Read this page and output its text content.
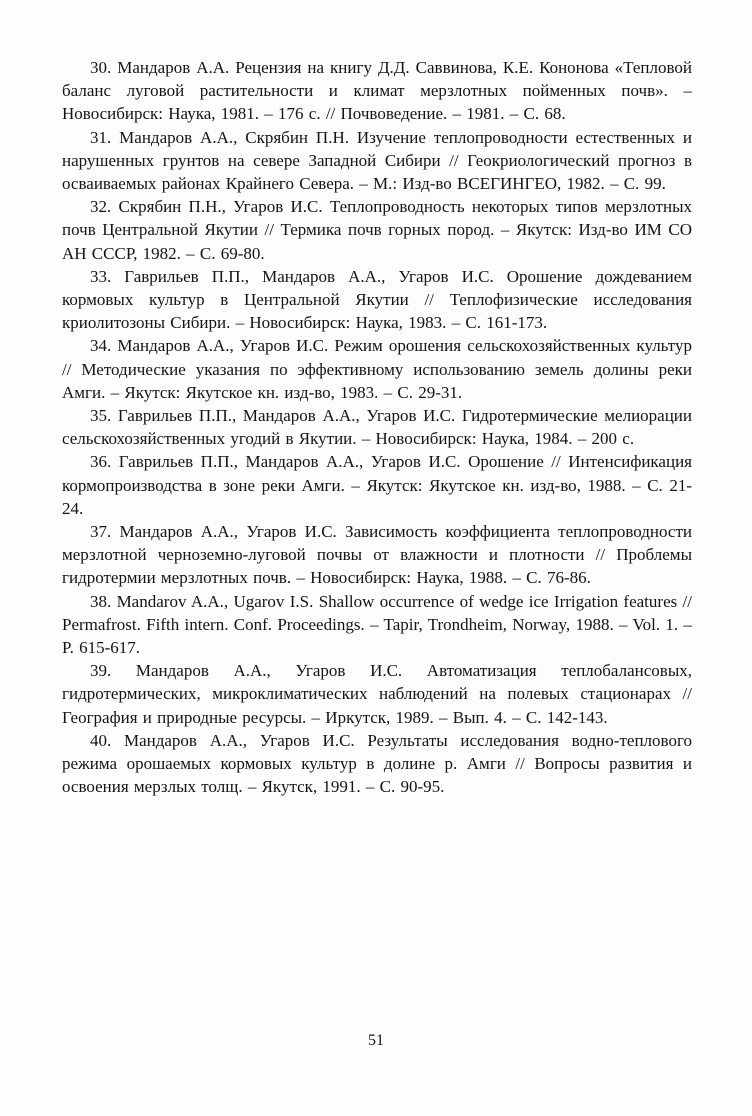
30. Мандаров А.А. Рецензия на книгу Д.Д. Саввинова, К.Е. Кононова «Тепловой баланс луговой растительности и климат мерзлотных пойменных почв». – Новосибирск: Наука, 1981. – 176 с. // Почвоведение. – 1981. – С. 68.

31. Мандаров А.А., Скрябин П.Н. Изучение теплопроводности естественных и нарушенных грунтов на севере Западной Сибири // Геокриологический прогноз в осваиваемых районах Крайнего Севера. – М.: Изд-во ВСЕГИНГЕО, 1982. – С. 99.

32. Скрябин П.Н., Угаров И.С. Теплопроводность некоторых типов мерзлотных почв Центральной Якутии // Термика почв горных пород. – Якутск: Изд-во ИМ СО АН СССР, 1982. – С. 69-80.

33. Гаврильев П.П., Мандаров А.А., Угаров И.С. Орошение дождеванием кормовых культур в Центральной Якутии // Теплофизические исследования криолитозоны Сибири. – Новосибирск: Наука, 1983. – С. 161-173.

34. Мандаров А.А., Угаров И.С. Режим орошения сельскохозяйственных культур // Методические указания по эффективному использованию земель долины реки Амги. – Якутск: Якутское кн. изд-во, 1983. – С. 29-31.

35. Гаврильев П.П., Мандаров А.А., Угаров И.С. Гидротермические мелиорации сельскохозяйственных угодий в Якутии. – Новосибирск: Наука, 1984. – 200 с.

36. Гаврильев П.П., Мандаров А.А., Угаров И.С. Орошение // Интенсификация кормопроизводства в зоне реки Амги. – Якутск: Якутское кн. изд-во, 1988. – С. 21-24.

37. Мандаров А.А., Угаров И.С. Зависимость коэффициента теплопроводности мерзлотной черноземно-луговой почвы от влажности и плотности // Проблемы гидротермии мерзлотных почв. – Новосибирск: Наука, 1988. – С. 76-86.

38. Mandarov A.A., Ugarov I.S. Shallow occurrence of wedge ice Irrigation features // Permafrost. Fifth intern. Conf. Proceedings. – Tapir, Trondheim, Norway, 1988. – Vol. 1. – P. 615-617.

39. Мандаров А.А., Угаров И.С. Автоматизация теплобалансовых, гидротермических, микроклиматических наблюдений на полевых стационарах // География и природные ресурсы. – Иркутск, 1989. – Вып. 4. – С. 142-143.

40. Мандаров А.А., Угаров И.С. Результаты исследования водно-теплового режима орошаемых кормовых культур в долине р. Амги // Вопросы развития и освоения мерзлых толщ. – Якутск, 1991. – С. 90-95.

51
